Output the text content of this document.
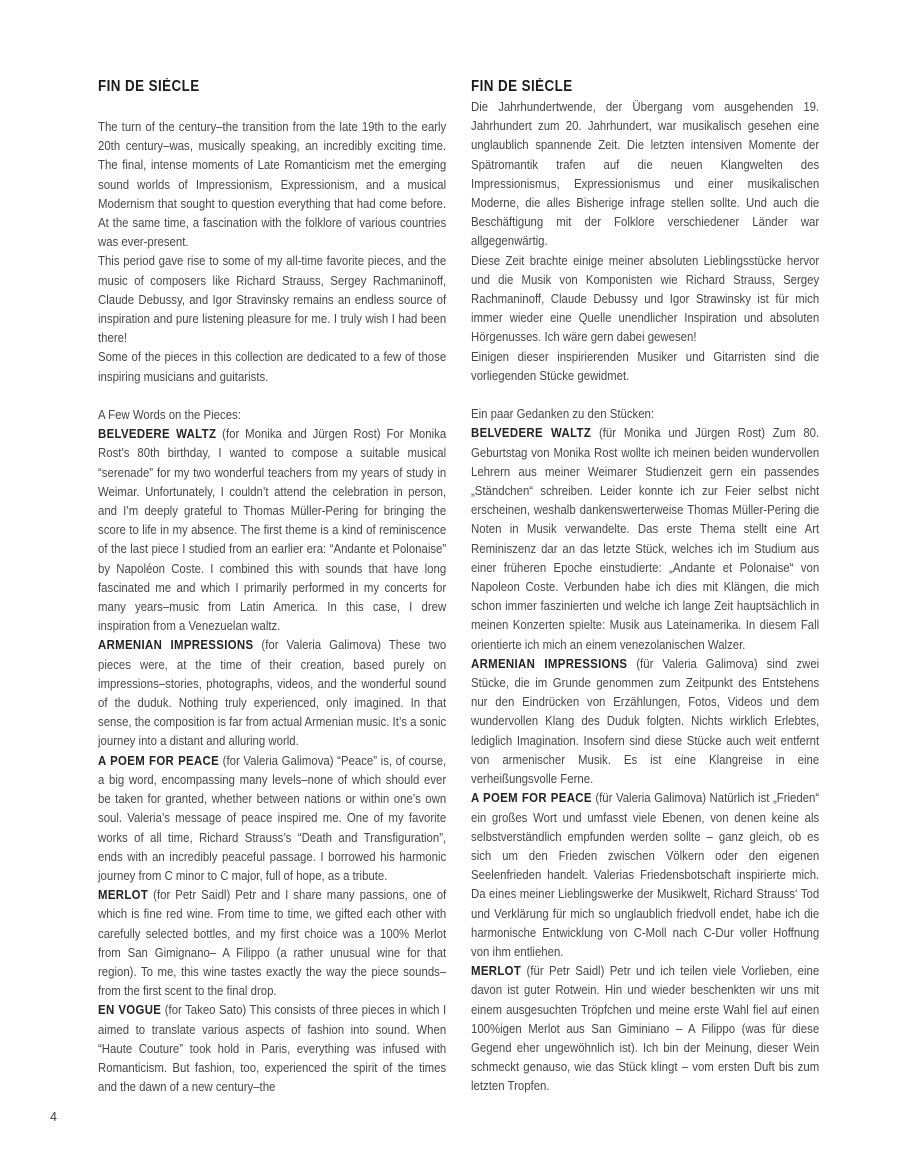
FIN DE SIÈCLE

The turn of the century–the transition from the late 19th to the early 20th century–was, musically speaking, an incredibly exciting time. The final, intense moments of Late Romanticism met the emerging sound worlds of Impressionism, Expressionism, and a musical Modernism that sought to question everything that had come before. At the same time, a fascination with the folklore of various countries was ever-present.

This period gave rise to some of my all-time favorite pieces, and the music of composers like Richard Strauss, Sergey Rachmaninoff, Claude Debussy, and Igor Stravinsky remains an endless source of inspiration and pure listening pleasure for me. I truly wish I had been there!

Some of the pieces in this collection are dedicated to a few of those inspiring musicians and guitarists.

A Few Words on the Pieces:

BELVEDERE WALTZ (for Monika and Jürgen Rost) For Monika Rost’s 80th birthday, I wanted to compose a suitable musical “serenade” for my two wonderful teachers from my years of study in Weimar. Unfortunately, I couldn’t attend the celebration in person, and I’m deeply grateful to Thomas Müller-Pering for bringing the score to life in my absence. The first theme is a kind of reminiscence of the last piece I studied from an earlier era: “Andante et Polonaise” by Napoléon Coste. I combined this with sounds that have long fascinated me and which I primarily performed in my concerts for many years–music from Latin America. In this case, I drew inspiration from a Venezuelan waltz.

ARMENIAN IMPRESSIONS (for Valeria Galimova) These two pieces were, at the time of their creation, based purely on impressions–stories, photographs, videos, and the wonderful sound of the duduk. Nothing truly experienced, only imagined. In that sense, the composition is far from actual Armenian music. It’s a sonic journey into a distant and alluring world.

A POEM FOR PEACE (for Valeria Galimova) “Peace” is, of course, a big word, encompassing many levels–none of which should ever be taken for granted, whether between nations or within one’s own soul. Valeria’s message of peace inspired me. One of my favorite works of all time, Richard Strauss’s “Death and Transfiguration”, ends with an incredibly peaceful passage. I borrowed his harmonic journey from C minor to C major, full of hope, as a tribute.

MERLOT (for Petr Saidl) Petr and I share many passions, one of which is fine red wine. From time to time, we gifted each other with carefully selected bottles, and my first choice was a 100% Merlot from San Gimignano– A Filippo (a rather unusual wine for that region). To me, this wine tastes exactly the way the piece sounds–from the first scent to the final drop.

EN VOGUE (for Takeo Sato) This consists of three pieces in which I aimed to translate various aspects of fashion into sound. When “Haute Couture” took hold in Paris, everything was infused with Romanticism. But fashion, too, experienced the spirit of the times and the dawn of a new century–the

FIN DE SIÈCLE

Die Jahrhundertwende, der Übergang vom ausgehenden 19. Jahrhundert zum 20. Jahrhundert, war musikalisch gesehen eine unglaublich spannende Zeit. Die letzten intensiven Momente der Spätromantik trafen auf die neuen Klangwelten des Impressionismus, Expressionismus und einer musikalischen Moderne, die alles Bisherige infrage stellen sollte. Und auch die Beschäftigung mit der Folklore verschiedener Länder war allgegenwärtig.

Diese Zeit brachte einige meiner absoluten Lieblingsstücke hervor und die Musik von Komponisten wie Richard Strauss, Sergey Rachmaninoff, Claude Debussy und Igor Strawinsky ist für mich immer wieder eine Quelle unendlicher Inspiration und absoluten Hörgenusses. Ich wäre gern dabei gewesen!

Einigen dieser inspirierenden Musiker und Gitarristen sind die vorliegenden Stücke gewidmet.

Ein paar Gedanken zu den Stücken:

BELVEDERE WALTZ (für Monika und Jürgen Rost) Zum 80. Geburtstag von Monika Rost wollte ich meinen beiden wundervollen Lehrern aus meiner Weimarer Studienzeit gern ein passendes „Ständchen“ schreiben. Leider konnte ich zur Feier selbst nicht erscheinen, weshalb dankenswerterweise Thomas Müller-Pering die Noten in Musik verwandelte. Das erste Thema stellt eine Art Reminiszenz dar an das letzte Stück, welches ich im Studium aus einer früheren Epoche einstudierte: „Andante et Polonaise“ von Napoleon Coste. Verbunden habe ich dies mit Klängen, die mich schon immer faszinierten und welche ich lange Zeit hauptsächlich in meinen Konzerten spielte: Musik aus Lateinamerika. In diesem Fall orientierte ich mich an einem venezolanischen Walzer.

ARMENIAN IMPRESSIONS (für Valeria Galimova) sind zwei Stücke, die im Grunde genommen zum Zeitpunkt des Entstehens nur den Eindrücken von Erzählungen, Fotos, Videos und dem wundervollen Klang des Duduk folgten. Nichts wirklich Erlebtes, lediglich Imagination. Insofern sind diese Stücke auch weit entfernt von armenischer Musik. Es ist eine Klangreise in eine verheißungsvolle Ferne.

A POEM FOR PEACE (für Valeria Galimova) Natürlich ist „Frieden“ ein großes Wort und umfasst viele Ebenen, von denen keine als selbstverständlich empfunden werden sollte – ganz gleich, ob es sich um den Frieden zwischen Völkern oder den eigenen Seelenfrieden handelt. Valerias Friedensbotschaft inspirierte mich. Da eines meiner Lieblingswerke der Musikwelt, Richard Strauss‘ Tod und Verklärung für mich so unglaublich friedvoll endet, habe ich die harmonische Entwicklung von C-Moll nach C-Dur voller Hoffnung von ihm entliehen.

MERLOT (für Petr Saidl) Petr und ich teilen viele Vorlieben, eine davon ist guter Rotwein. Hin und wieder beschenkten wir uns mit einem ausgesuchten Tröpfchen und meine erste Wahl fiel auf einen 100%igen Merlot aus San Giminiano – A Filippo (was für diese Gegend eher ungewöhnlich ist). Ich bin der Meinung, dieser Wein schmeckt genauso, wie das Stück klingt – vom ersten Duft bis zum letzten Tropfen.

4
